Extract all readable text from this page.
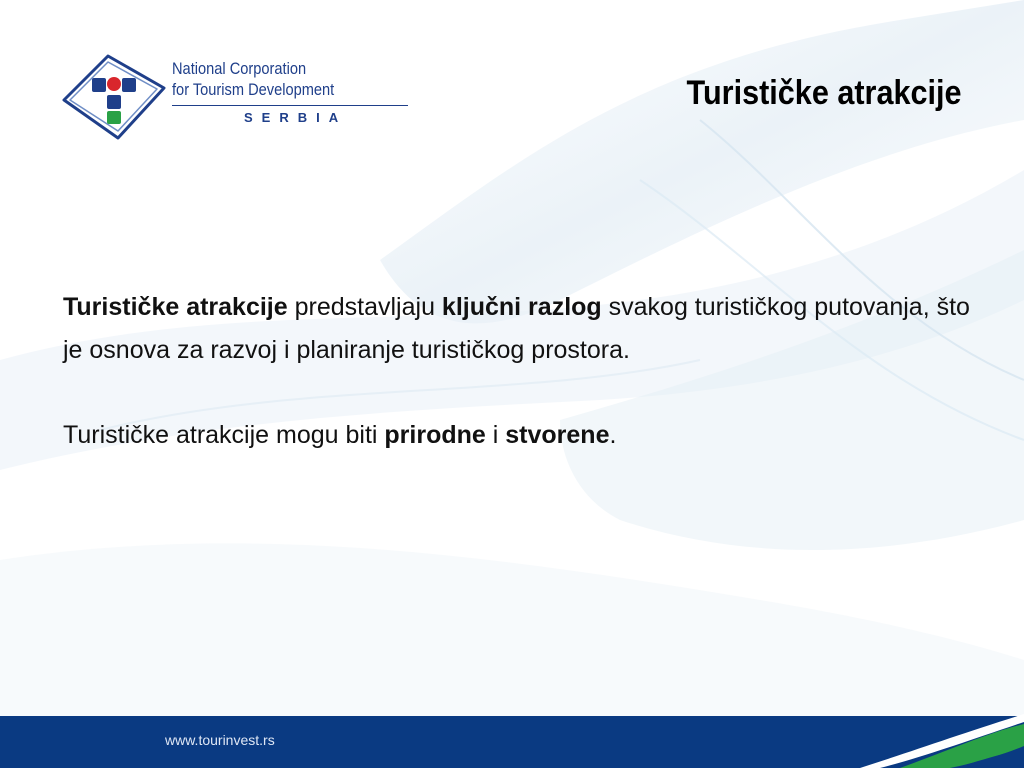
National Corporation
for Tourism Development
SERBIA
Turističke atrakcije

Turističke atrakcije predstavljaju ključni razlog svakog turističkog putovanja, što je osnova za razvoj i planiranje turističkog prostora.

Turističke atrakcije mogu biti prirodne i stvorene.

www.tourinvest.rs
